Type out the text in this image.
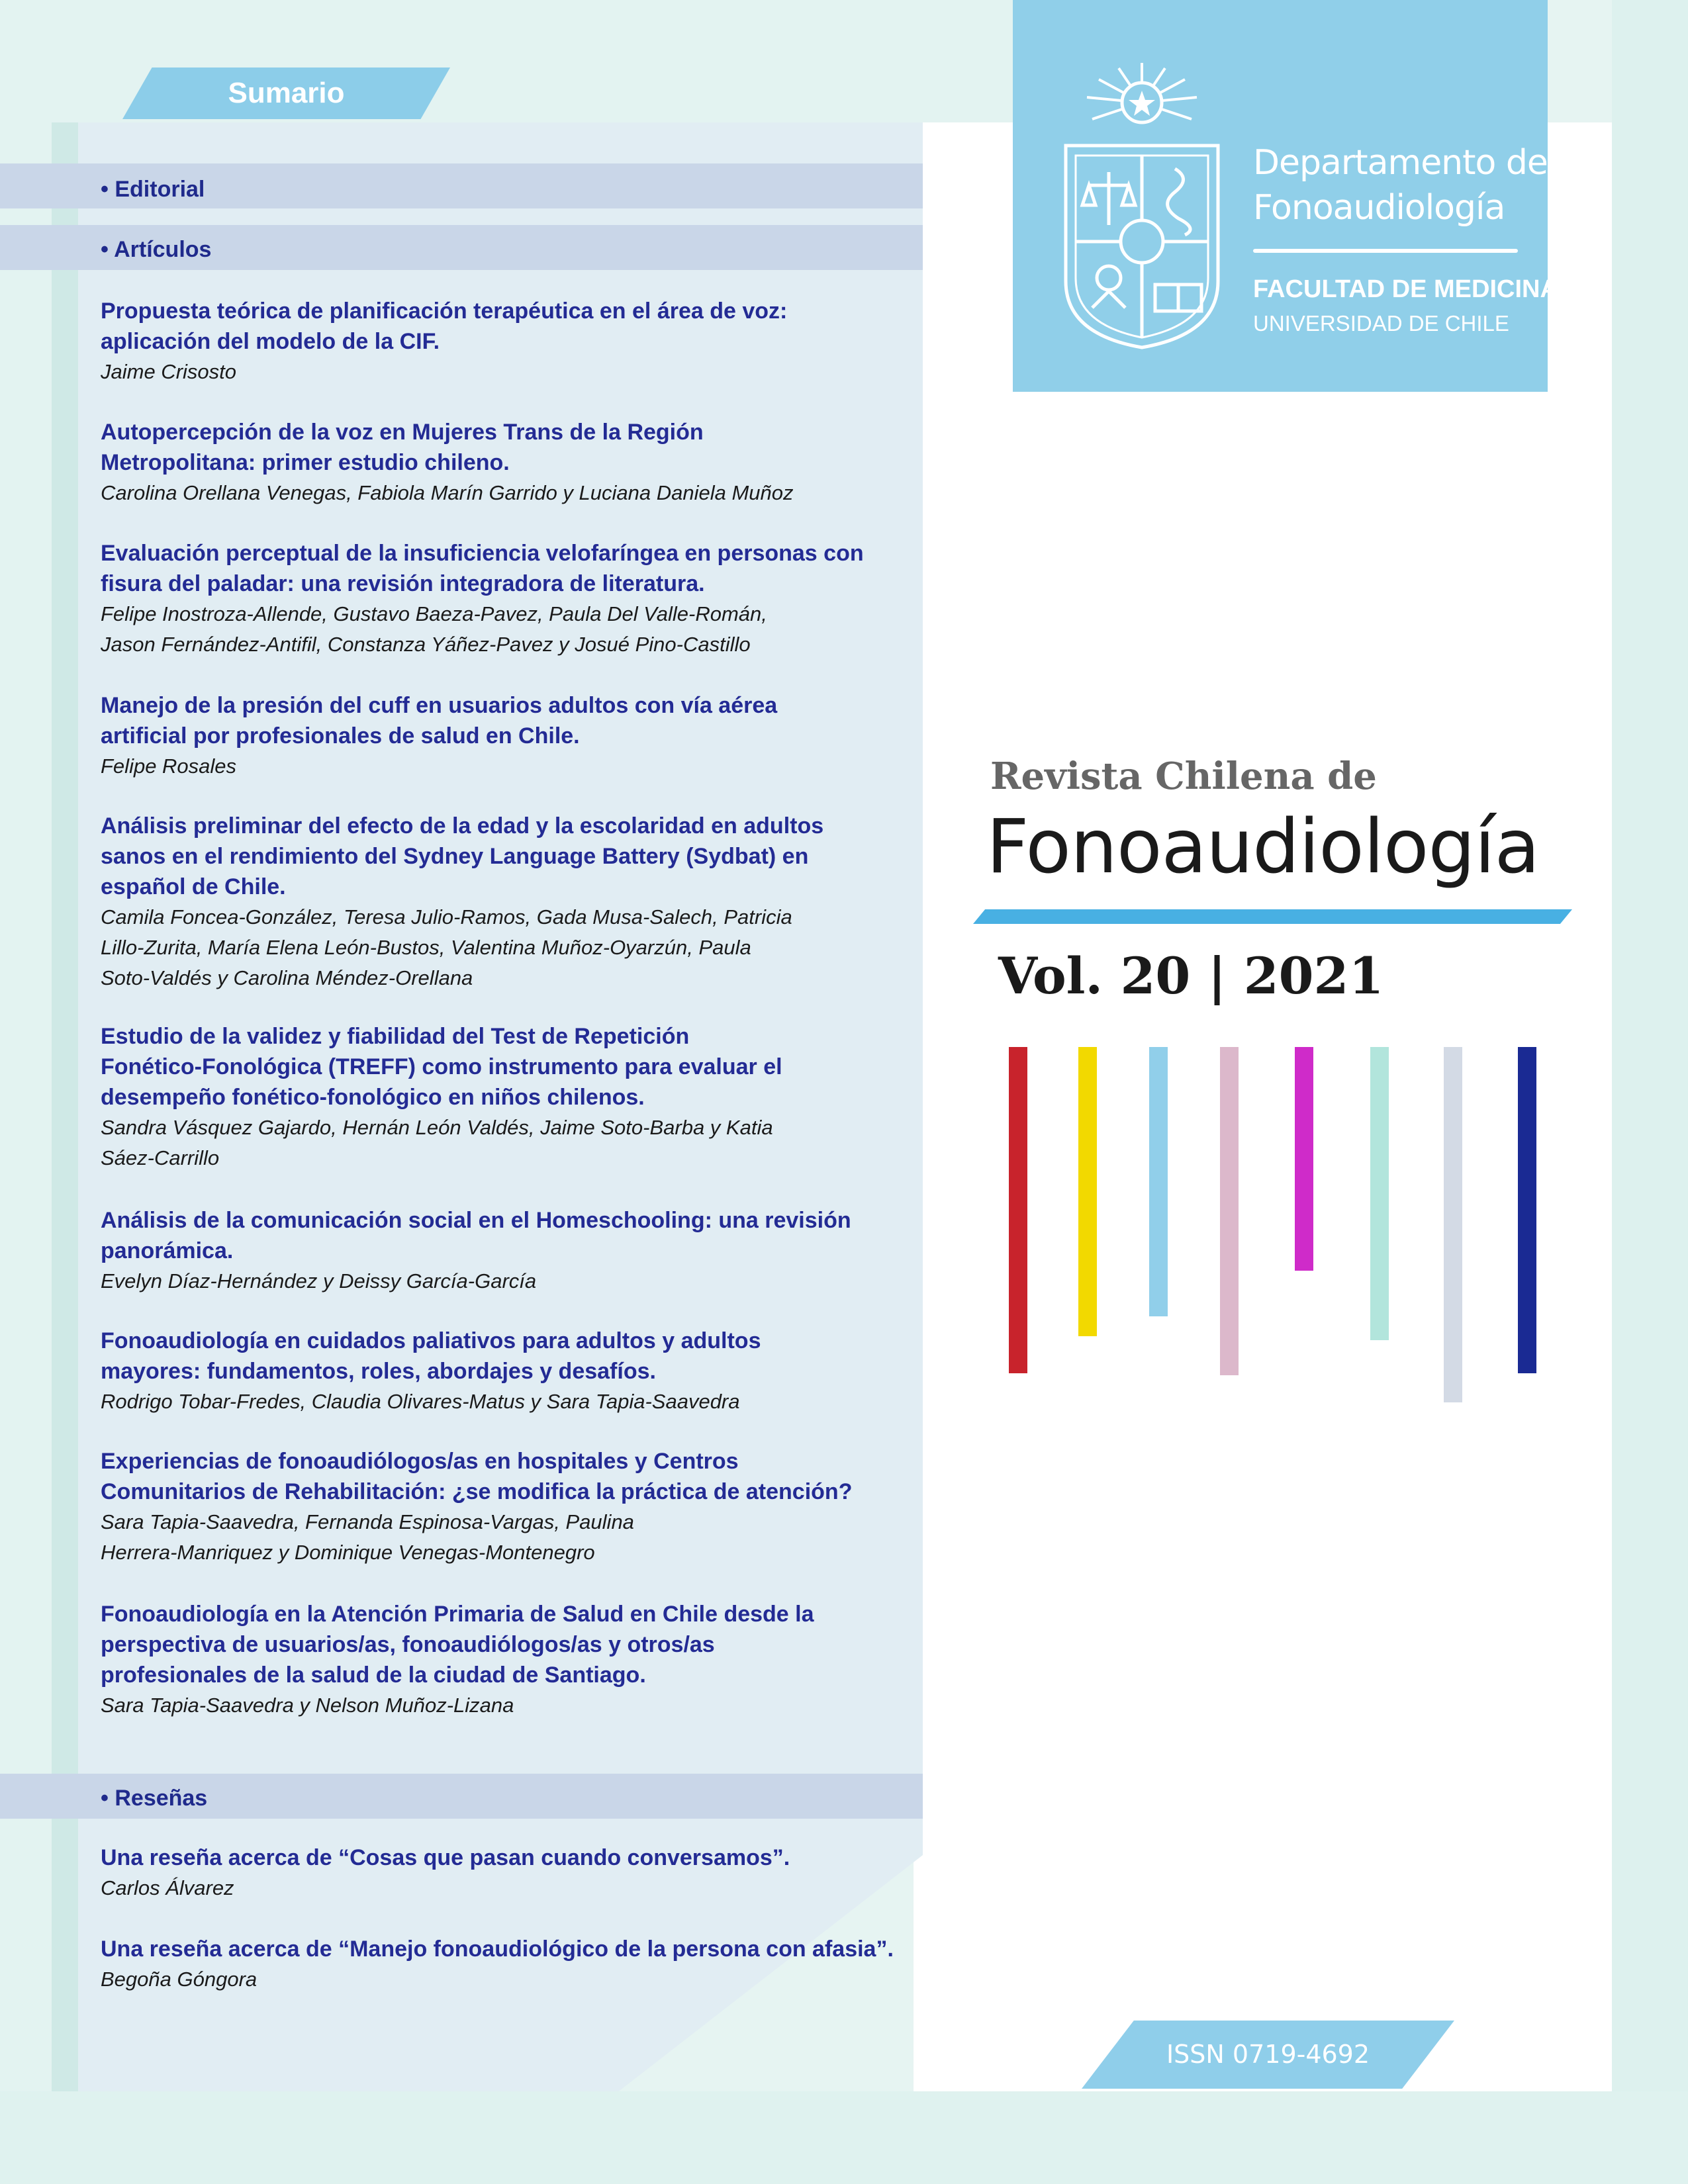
Sumario
• Editorial
• Artículos
• Reseñas

Propuesta teórica de planificación terapéutica en el área de voz:

aplicación del modelo de la CIF.

Jaime Crisosto

Autopercepción de la voz en Mujeres Trans de la Región

Metropolitana: primer estudio chileno.

Carolina Orellana Venegas, Fabiola Marín Garrido y Luciana Daniela Muñoz

Evaluación perceptual de la insuficiencia velofaríngea en personas con

fisura del paladar: una revisión integradora de literatura.

Felipe Inostroza-Allende, Gustavo Baeza-Pavez, Paula Del Valle-Román,

Jason Fernández-Antifil, Constanza Yáñez-Pavez y Josué Pino-Castillo

Manejo de la presión del cuff en usuarios adultos con vía aérea

artificial por profesionales de salud en Chile.

Felipe Rosales

Análisis preliminar del efecto de la edad y la escolaridad en adultos

sanos en el rendimiento del Sydney Language Battery (Sydbat) en

español de Chile.

Camila Foncea-González, Teresa Julio-Ramos, Gada Musa-Salech, Patricia

Lillo-Zurita, María Elena León-Bustos, Valentina Muñoz-Oyarzún, Paula

Soto-Valdés y Carolina Méndez-Orellana

Estudio de la validez y fiabilidad del Test de Repetición

Fonético-Fonológica (TREFF) como instrumento para evaluar el

desempeño fonético-fonológico en niños chilenos.

Sandra Vásquez Gajardo, Hernán León Valdés, Jaime Soto-Barba y Katia

Sáez-Carrillo

Análisis de la comunicación social en el Homeschooling: una revisión

panorámica.

Evelyn Díaz-Hernández y Deissy García-García

Fonoaudiología en cuidados paliativos para adultos y adultos

mayores: fundamentos, roles, abordajes y desafíos.

Rodrigo Tobar-Fredes, Claudia Olivares-Matus y Sara Tapia-Saavedra

Experiencias de fonoaudiólogos/as en hospitales y Centros

Comunitarios de Rehabilitación: ¿se modifica la práctica de atención?

Sara Tapia-Saavedra, Fernanda Espinosa-Vargas, Paulina

Herrera-Manriquez y Dominique Venegas-Montenegro

Fonoaudiología en la Atención Primaria de Salud en Chile desde la

perspectiva de usuarios/as, fonoaudiólogos/as y otros/as

profesionales de la salud de la ciudad de Santiago.

Sara Tapia-Saavedra y Nelson Muñoz-Lizana

Una reseña acerca de “Cosas que pasan cuando conversamos”.

Carlos Álvarez

Una reseña acerca de “Manejo fonoaudiológico de la persona con afasia”.

Begoña Góngora

Departamento de
Fonoaudiología
FACULTAD DE MEDICINA
UNIVERSIDAD DE CHILE
Revista Chilena de
Fonoaudiología
Vol. 20 | 2021
ISSN 0719-4692
